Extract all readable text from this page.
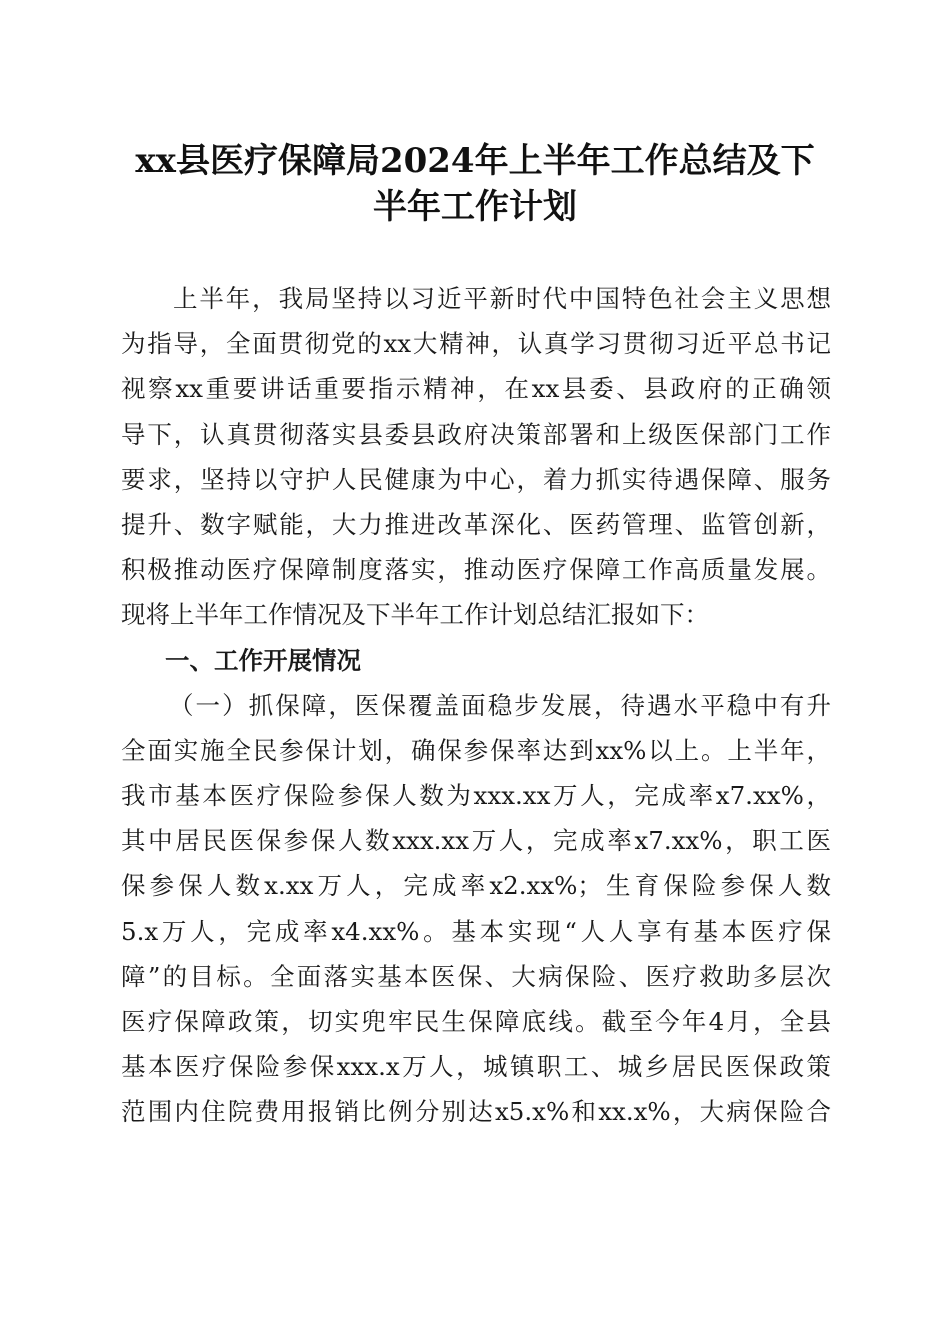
xx县医疗保障局2024年上半年工作总结及下
半年工作计划
上半年，我局坚持以习近平新时代中国特色社会主义思想
为指导，全面贯彻党的xx大精神，认真学习贯彻习近平总书记
视察xx重要讲话重要指示精神，在xx县委、县政府的正确领
导下，认真贯彻落实县委县政府决策部署和上级医保部门工作
要求，坚持以守护人民健康为中心，着力抓实待遇保障、服务
提升、数字赋能，大力推进改革深化、医药管理、监管创新，
积极推动医疗保障制度落实，推动医疗保障工作高质量发展。
现将上半年工作情况及下半年工作计划总结汇报如下：
一、工作开展情况
（一）抓保障，医保覆盖面稳步发展，待遇水平稳中有升
全面实施全民参保计划，确保参保率达到xx%以上。上半年，
我市基本医疗保险参保人数为xxx.xx万人，完成率x7.xx%，
其中居民医保参保人数xxx.xx万人，完成率x7.xx%，职工医
保参保人数x.xx万人，完成率x2.xx%；生育保险参保人数
5.x万人，完成率x4.xx%。基本实现“人人享有基本医疗保
障”的目标。全面落实基本医保、大病保险、医疗救助多层次
医疗保障政策，切实兜牢民生保障底线。截至今年4月，全县
基本医疗保险参保xxx.x万人，城镇职工、城乡居民医保政策
范围内住院费用报销比例分别达x5.x%和xx.x%，大病保险合
